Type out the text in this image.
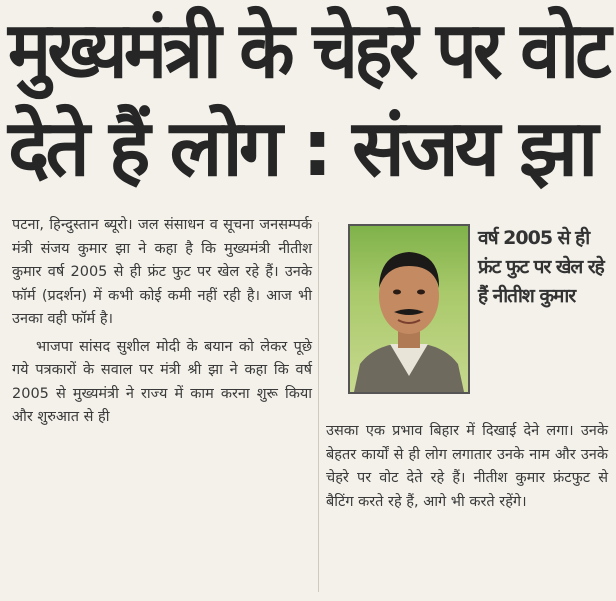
मुख्यमंत्री के चेहरे पर वोट
देते हैं लोग : संजय झा

पटना, हिन्दुस्तान ब्यूरो। जल संसाधन व सूचना जनसम्पर्क मंत्री संजय कुमार झा ने कहा है कि मुख्यमंत्री नीतीश कुमार वर्ष 2005 से ही फ्रंट फुट पर खेल रहे हैं। उनके फॉर्म (प्रदर्शन) में कभी कोई कमी नहीं रही है। आज भी उनका वही फॉर्म है।

भाजपा सांसद सुशील मोदी के बयान को लेकर पूछे गये पत्रकारों के सवाल पर मंत्री श्री झा ने कहा कि वर्ष 2005 से मुख्यमंत्री ने राज्य में काम करना शुरू किया और शुरुआत से ही

वर्ष 2005 से ही फ्रंट फुट पर खेल रहे हैं नीतीश कुमार

उसका एक प्रभाव बिहार में दिखाई देने लगा। उनके बेहतर कार्यों से ही लोग लगातार उनके नाम और उनके चेहरे पर वोट देते रहे हैं। नीतीश कुमार फ्रंटफुट से बैटिंग करते रहे हैं, आगे भी करते रहेंगे।
